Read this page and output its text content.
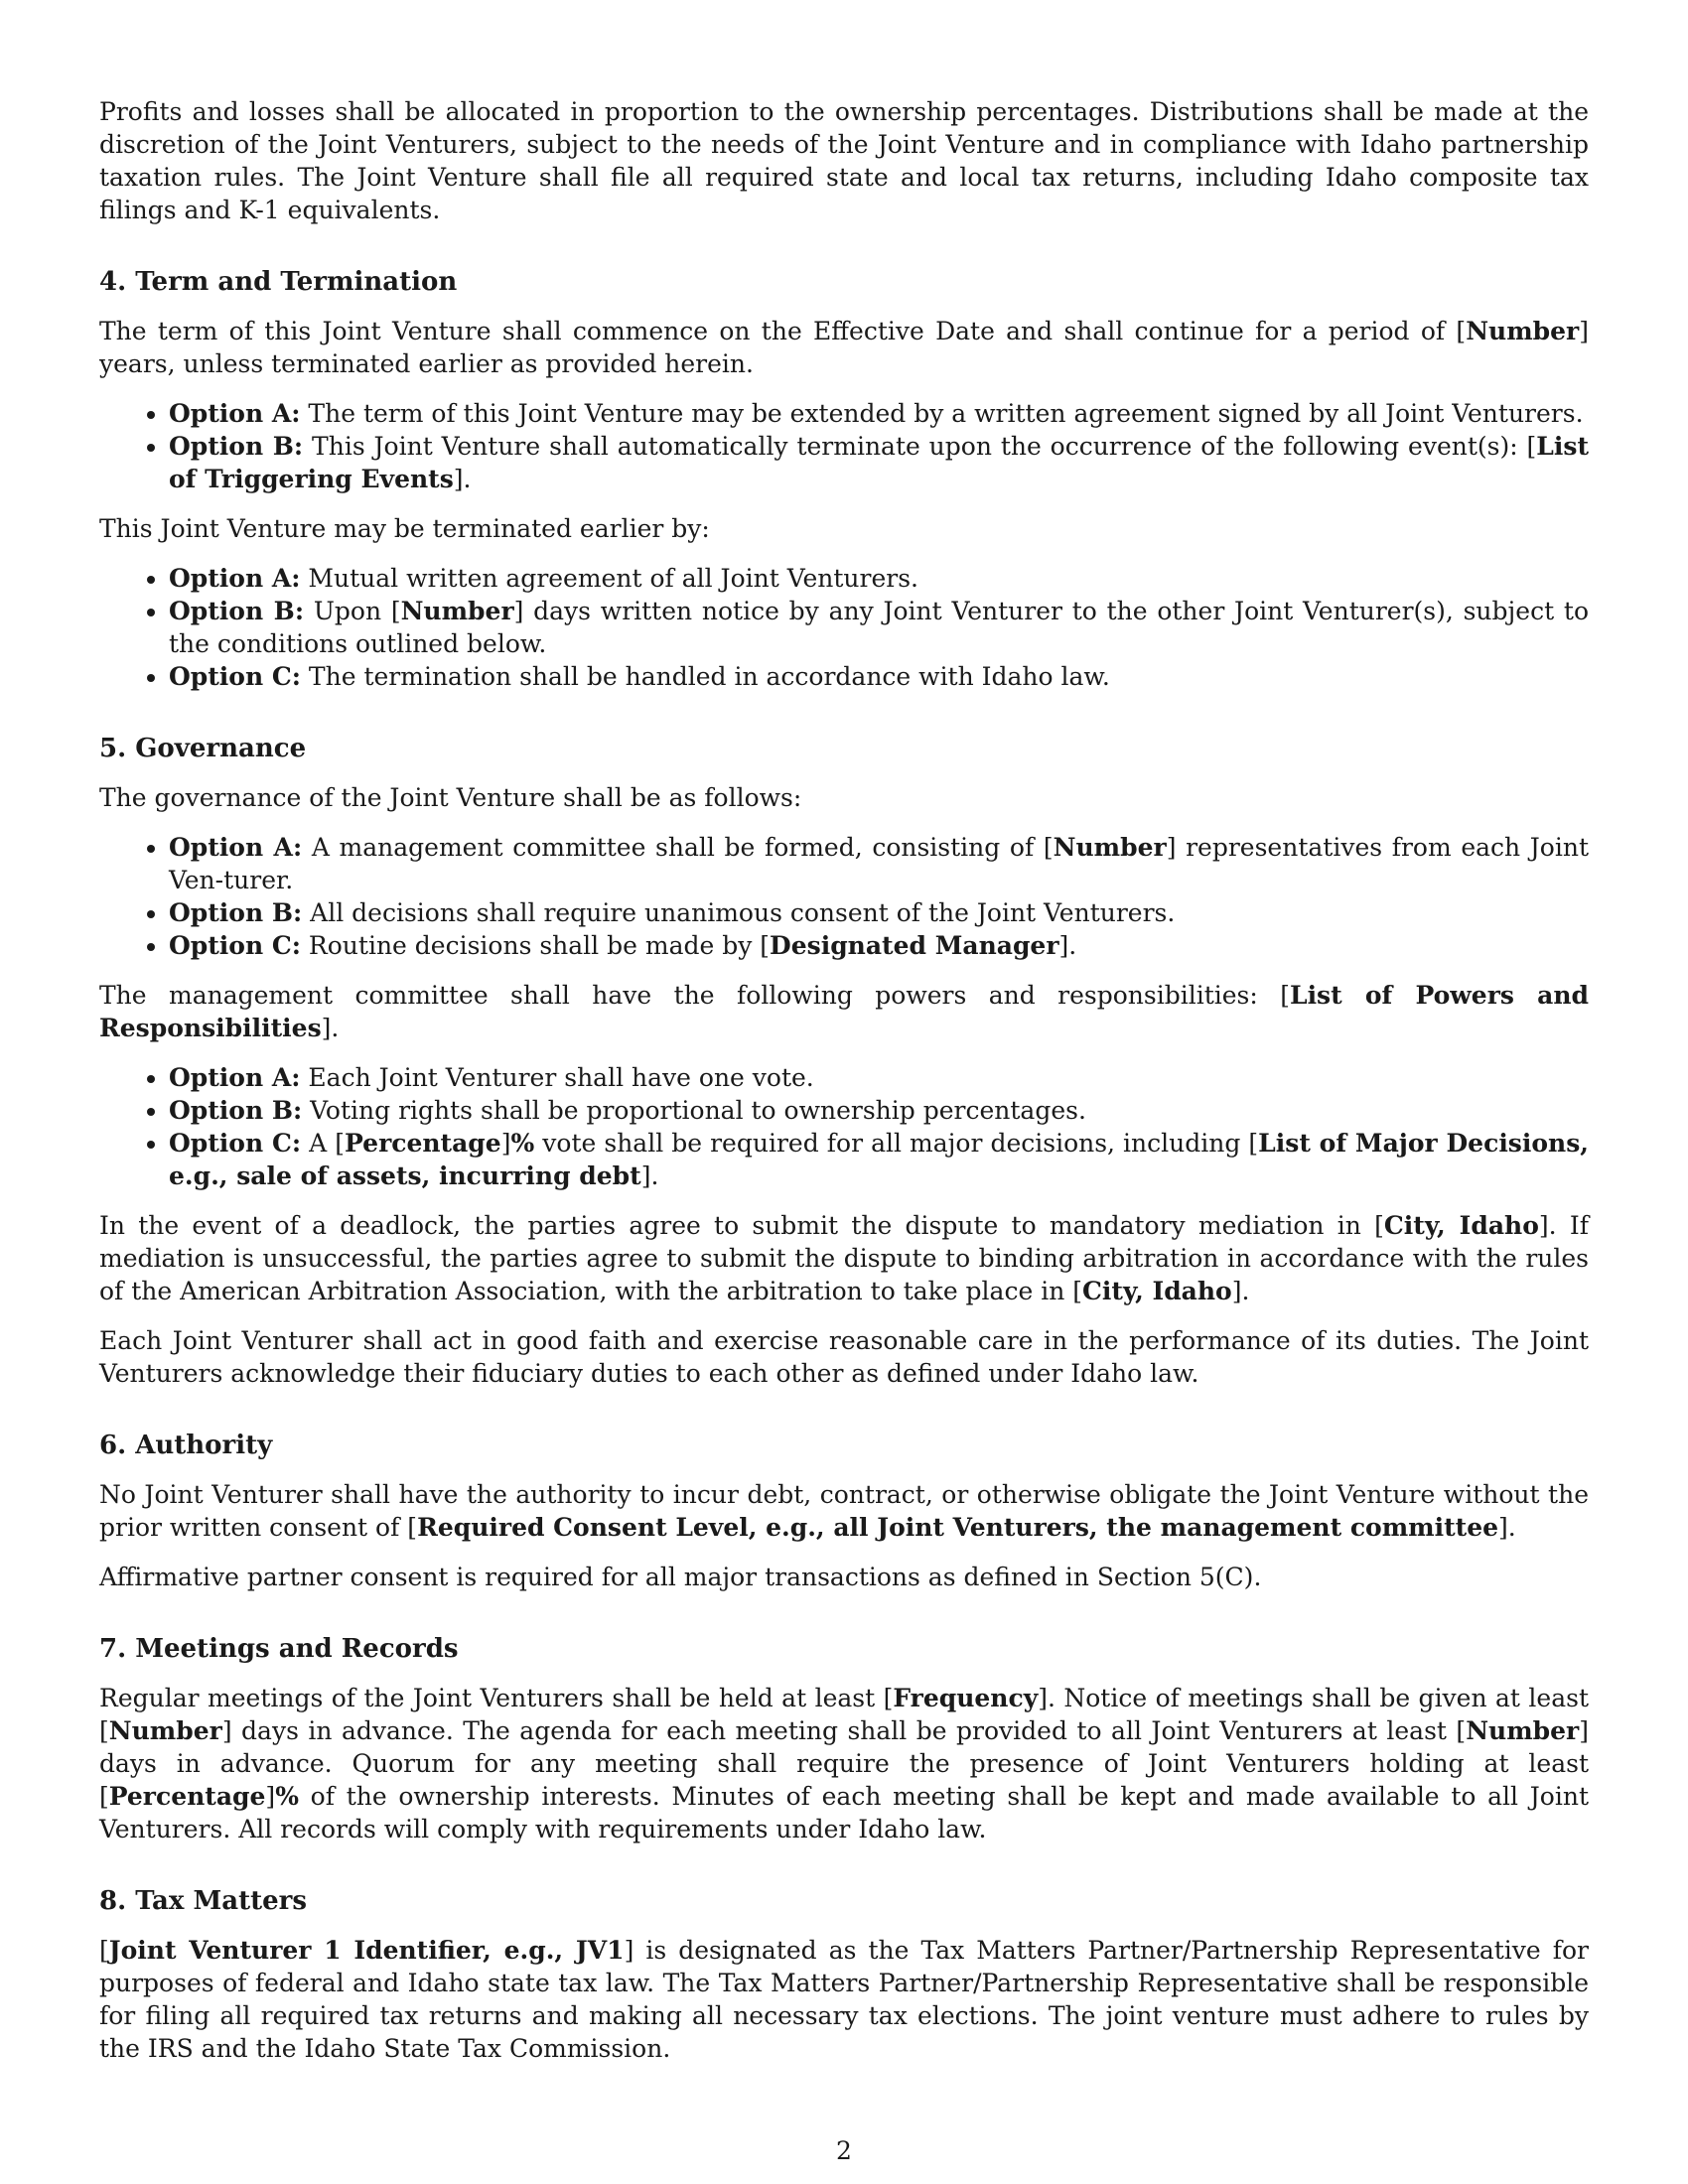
Profits and losses shall be allocated in proportion to the ownership percentages. Distributions shall be made at the discretion of the Joint Venturers, subject to the needs of the Joint Venture and in compliance with Idaho partnership taxation rules. The Joint Venture shall file all required state and local tax returns, including Idaho composite tax filings and K-1 equivalents.

4. Term and Termination

The term of this Joint Venture shall commence on the Effective Date and shall continue for a period of [Number] years, unless terminated earlier as provided herein.

• Option A: The term of this Joint Venture may be extended by a written agreement signed by all Joint Venturers.
• Option B: This Joint Venture shall automatically terminate upon the occurrence of the following event(s): [List of Triggering Events].

This Joint Venture may be terminated earlier by:

• Option A: Mutual written agreement of all Joint Venturers.
• Option B: Upon [Number] days written notice by any Joint Venturer to the other Joint Venturer(s), subject to the conditions outlined below.
• Option C: The termination shall be handled in accordance with Idaho law.
5. Governance

The governance of the Joint Venture shall be as follows:

• Option A: A management committee shall be formed, consisting of [Number] representatives from each Joint Ven-turer.
• Option B: All decisions shall require unanimous consent of the Joint Venturers.
• Option C: Routine decisions shall be made by [Designated Manager].

The management committee shall have the following powers and responsibilities: [List of Powers and Responsibilities].

• Option A: Each Joint Venturer shall have one vote.
• Option B: Voting rights shall be proportional to ownership percentages.
• Option C: A [Percentage]% vote shall be required for all major decisions, including [List of Major Decisions, e.g., sale of assets, incurring debt].

In the event of a deadlock, the parties agree to submit the dispute to mandatory mediation in [City, Idaho]. If mediation is unsuccessful, the parties agree to submit the dispute to binding arbitration in accordance with the rules of the American Arbitration Association, with the arbitration to take place in [City, Idaho].

Each Joint Venturer shall act in good faith and exercise reasonable care in the performance of its duties. The Joint Venturers acknowledge their fiduciary duties to each other as defined under Idaho law.

6. Authority

No Joint Venturer shall have the authority to incur debt, contract, or otherwise obligate the Joint Venture without the prior written consent of [Required Consent Level, e.g., all Joint Venturers, the management committee].

Affirmative partner consent is required for all major transactions as defined in Section 5(C).

7. Meetings and Records

Regular meetings of the Joint Venturers shall be held at least [Frequency]. Notice of meetings shall be given at least [Number] days in advance. The agenda for each meeting shall be provided to all Joint Venturers at least [Number] days in advance. Quorum for any meeting shall require the presence of Joint Venturers holding at least [Percentage]% of the ownership interests. Minutes of each meeting shall be kept and made available to all Joint Venturers. All records will comply with requirements under Idaho law.

8. Tax Matters

[Joint Venturer 1 Identifier, e.g., JV1] is designated as the Tax Matters Partner/Partnership Representative for purposes of federal and Idaho state tax law. The Tax Matters Partner/Partnership Representative shall be responsible for filing all required tax returns and making all necessary tax elections. The joint venture must adhere to rules by the IRS and the Idaho State Tax Commission.

2
